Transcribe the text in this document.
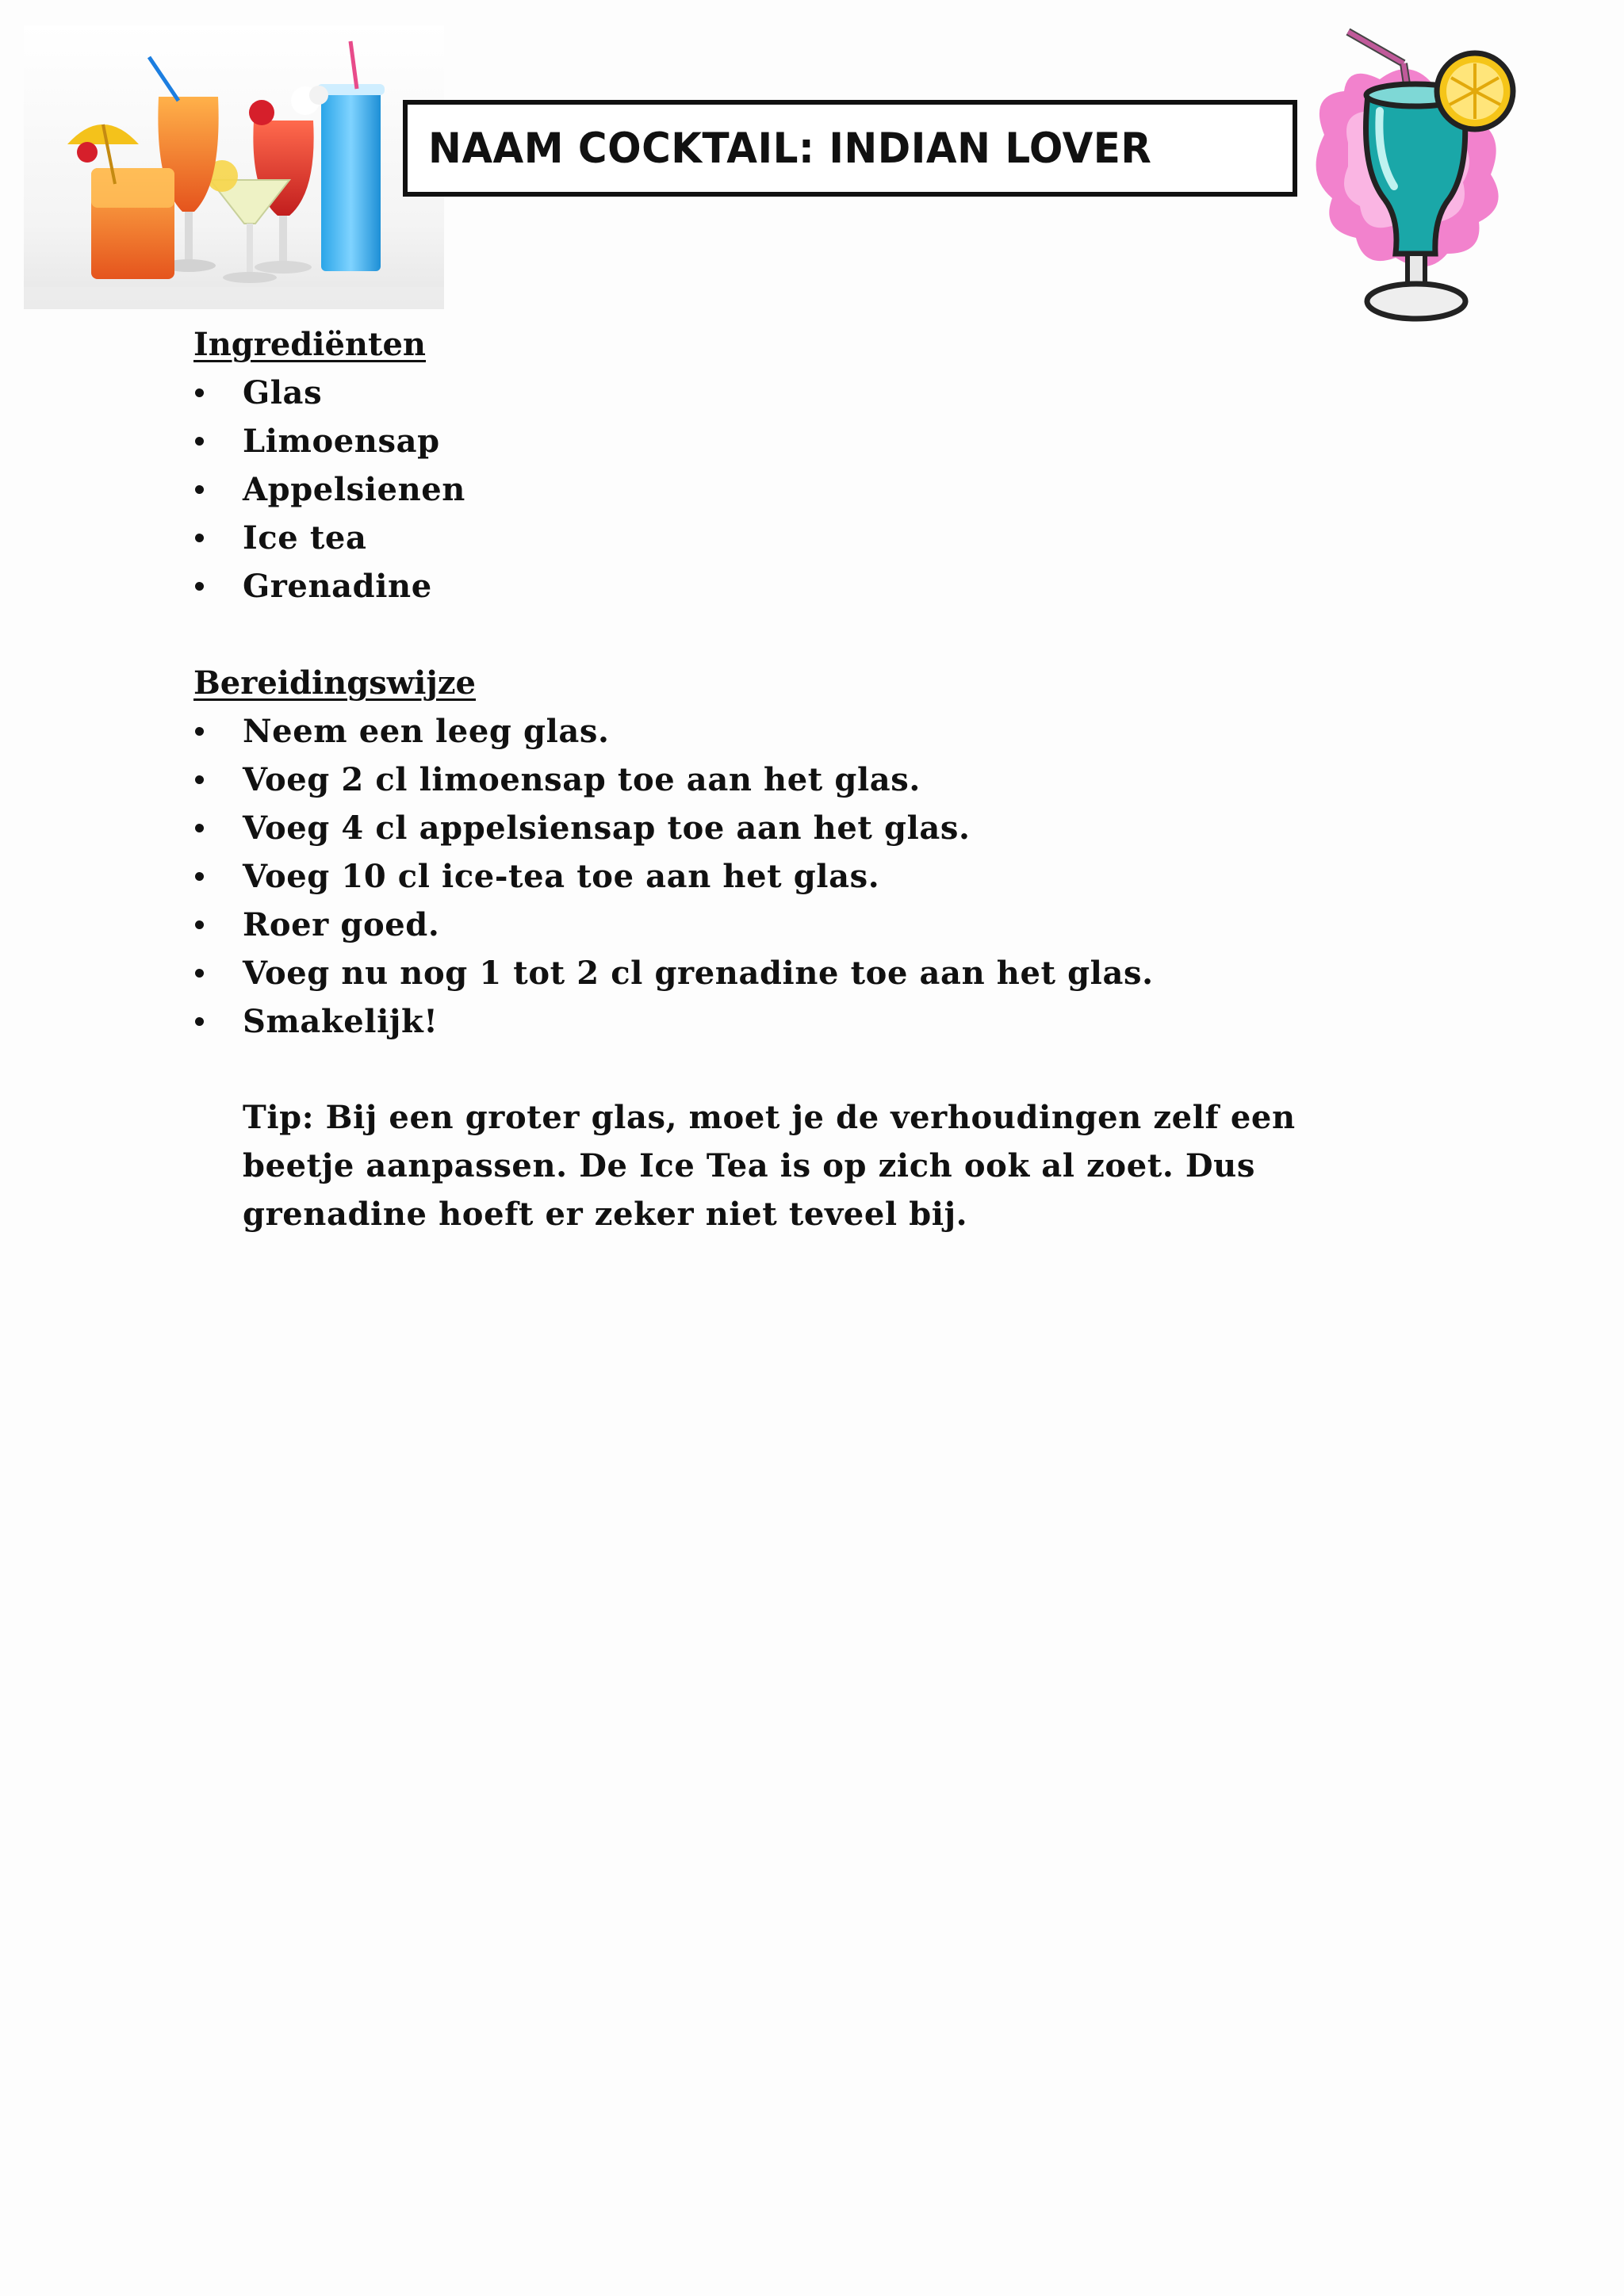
NAAM COCKTAIL: INDIAN LOVER
Ingrediënten
Glas
Limoensap
Appelsienen
Ice tea
Grenadine
Bereidingswijze
Neem een leeg glas.
Voeg 2 cl limoensap toe aan het glas.
Voeg 4 cl appelsiensap toe aan het glas.
Voeg 10 cl ice-tea toe aan het glas.
Roer goed.
Voeg nu nog 1 tot 2 cl grenadine toe aan het glas.
Smakelijk!

Tip: Bij een groter glas, moet je de verhoudingen zelf een beetje aanpassen. De Ice Tea is op zich ook al zoet. Dus grenadine hoeft er zeker niet teveel bij.
